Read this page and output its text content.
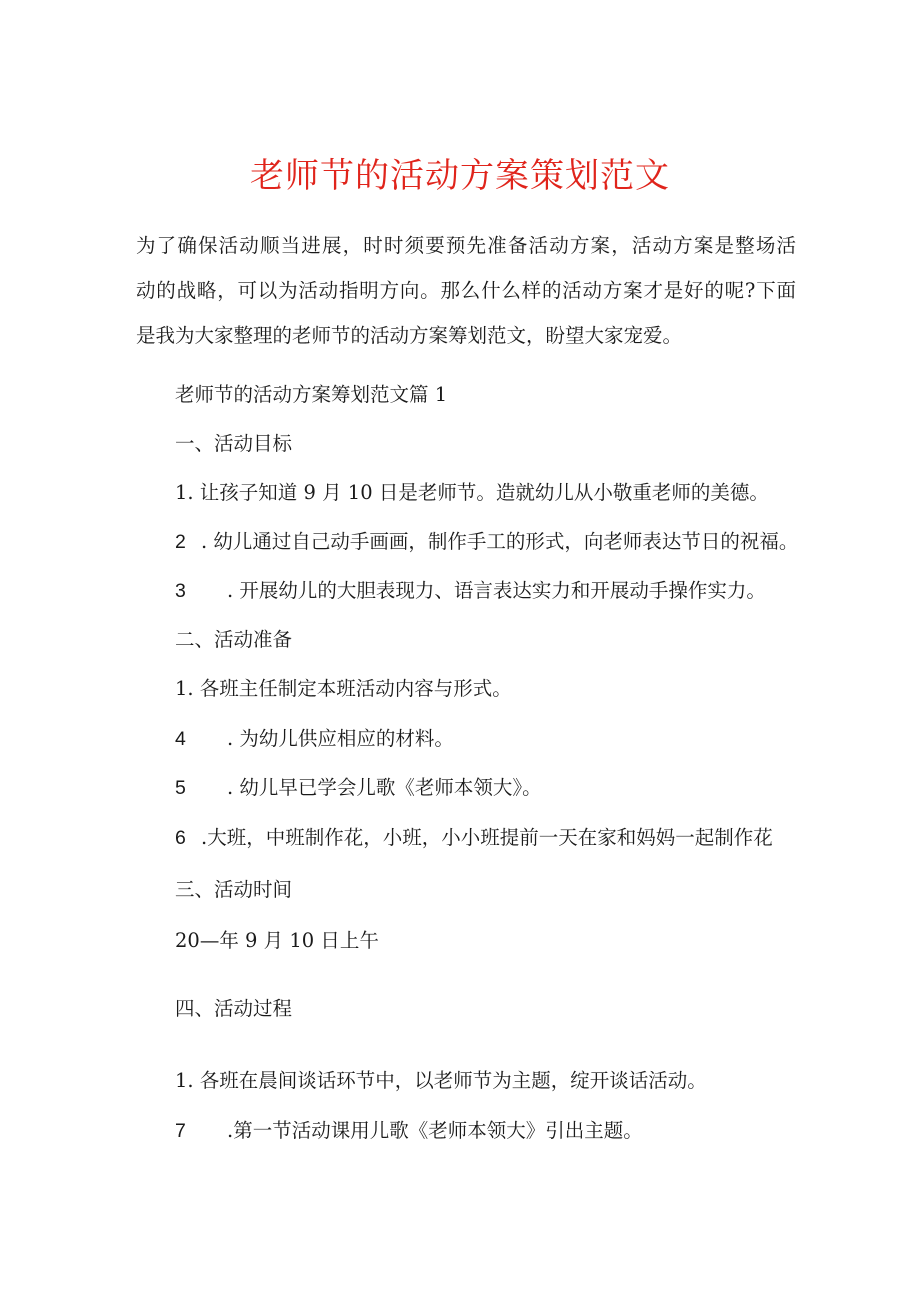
老师节的活动方案策划范文
为了确保活动顺当进展，时时须要预先准备活动方案，活动方案是整场活
动的战略，可以为活动指明方向。那么什么样的活动方案才是好的呢?下面
是我为大家整理的老师节的活动方案筹划范文，盼望大家宠爱。
老师节的活动方案筹划范文篇 1
一、活动目标
1. 让孩子知道 9 月 10 日是老师节。造就幼儿从小敬重老师的美德。
2 . 幼儿通过自己动手画画，制作手工的形式，向老师表达节日的祝福。
3 . 开展幼儿的大胆表现力、语言表达实力和开展动手操作实力。
二、活动准备
1. 各班主任制定本班活动内容与形式。
4 . 为幼儿供应相应的材料。
5 . 幼儿早已学会儿歌《老师本领大》。
6 .大班，中班制作花，小班，小小班提前一天在家和妈妈一起制作花
三、活动时间
20—年 9 月 10 日上午
四、活动过程
1. 各班在晨间谈话环节中，以老师节为主题，绽开谈话活动。
7 .第一节活动课用儿歌《老师本领大》引出主题。
